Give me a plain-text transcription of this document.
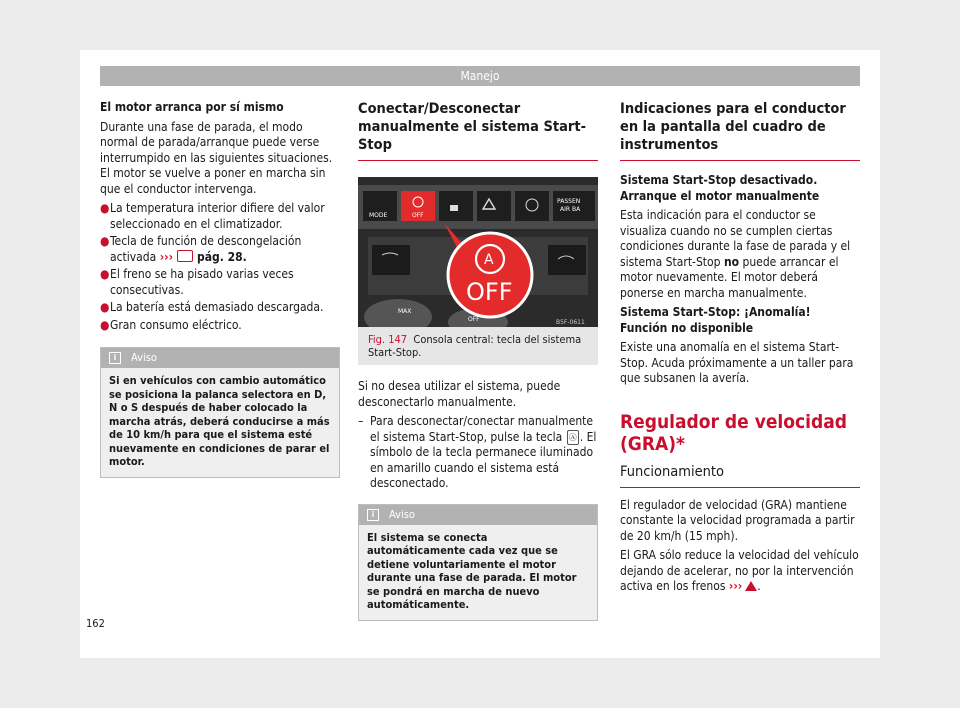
Manejo

El motor arranca por sí mismo

Durante una fase de parada, el modo normal de parada/arranque puede verse interrumpido en las siguientes situaciones. El motor se vuelve a poner en marcha sin que el conductor intervenga.

● La temperatura interior difiere del valor seleccionado en el climatizador.
● Tecla de función de descongelación activada ››› pág. 28.
● El freno se ha pisado varias veces consecutivas.
● La batería está demasiado descargada.
● Gran consumo eléctrico.
i	Aviso
Si en vehículos con cambio automático se posiciona la palanca selectora en D, N o S después de haber colocado la marcha atrás, deberá conducirse a más de 10 km/h para que el sistema esté nuevamente en condiciones de parar el motor.
Conectar/Desconectar manualmente el sistema Start-Stop
MODE	OFF
PASSEN
AIR BA
MAX
OFF
A
OFF
B5F-0611
Fig. 147 Consola central: tecla del sistema Start-Stop.

Si no desea utilizar el sistema, puede desconectarlo manualmente.

– Para desconectar/conectar manualmente el sistema Start-Stop, pulse la tecla Ⓐ . El símbolo de la tecla permanece iluminado en amarillo cuando el sistema está desconectado.
i	Aviso
El sistema se conecta automáticamente cada vez que se detiene voluntariamente el motor durante una fase de parada. El motor se pondrá en marcha de nuevo automáticamente.
Indicaciones para el conductor en la pantalla del cuadro de instrumentos

Sistema Start-Stop desactivado. Arranque el motor manualmente

Esta indicación para el conductor se visualiza cuando no se cumplen ciertas condiciones durante la fase de parada y el sistema Start-Stop no puede arrancar el motor nuevamente. El motor deberá ponerse en marcha manualmente.

Sistema Start-Stop: ¡Anomalía! Función no disponible

Existe una anomalía en el sistema Start-Stop. Acuda próximamente a un taller para que subsanen la avería.

Regulador de velocidad (GRA)*
Funcionamiento

El regulador de velocidad (GRA) mantiene constante la velocidad programada a partir de 20 km/h (15 mph).

El GRA sólo reduce la velocidad del vehículo dejando de acelerar, no por la intervención activa en los frenos ››› .

162
